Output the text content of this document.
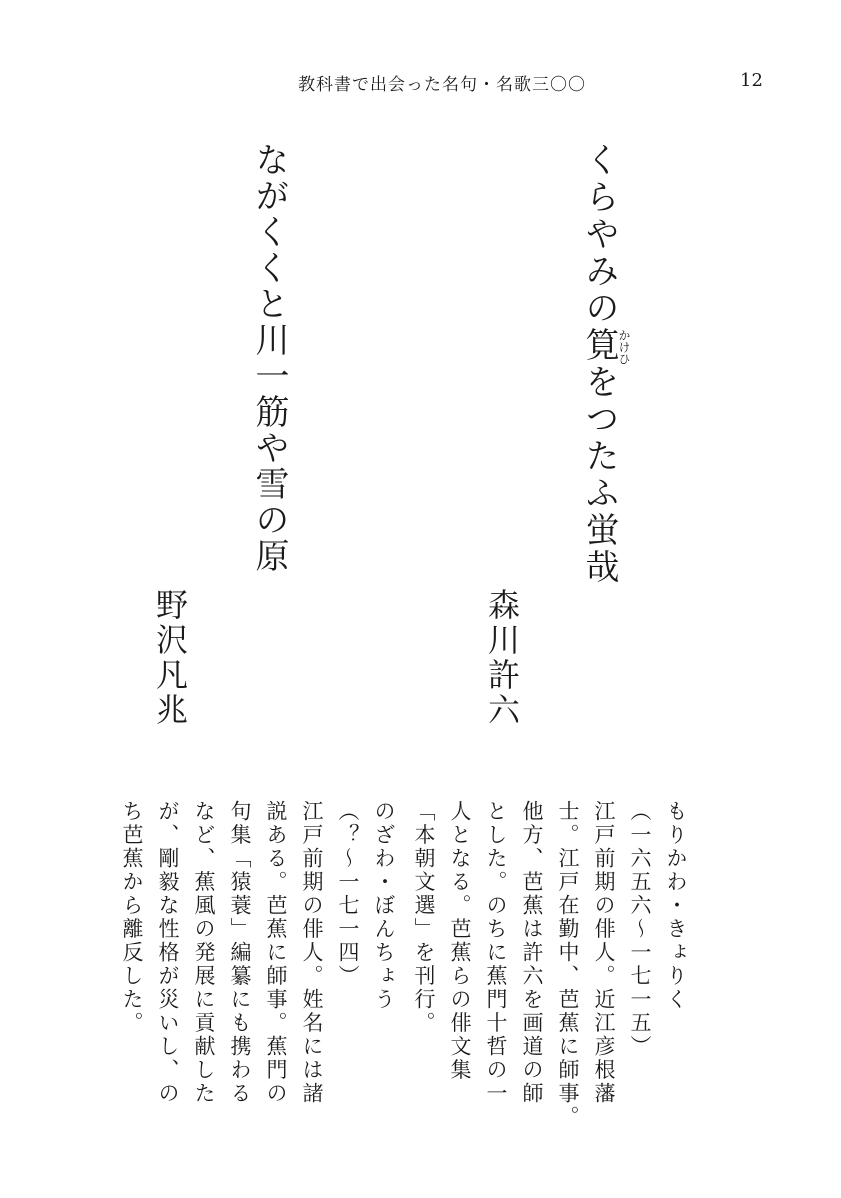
教科書で出会った名句・名歌三〇〇	12
くらやみの筧
かけひ
をつたふ蛍哉
ながくくと川一筋や雪の原
森川許六
野沢凡兆

もりかわ・きょりく

（一六五六〜一七一五）

江戸前期の俳人。近江彦根藩

士。江戸在勤中、芭蕉に師事。

他方、芭蕉は許六を画道の師

とした。のちに蕉門十哲の一

人となる。芭蕉らの俳文集

「本朝文選」を刊行。

のざわ・ぼんちょう

（？〜一七一四）

江戸前期の俳人。姓名には諸

説ある。芭蕉に師事。蕉門の

句集「猿蓑」編纂にも携わる

など、蕉風の発展に貢献した

が、剛毅な性格が災いし、の

ち芭蕉から離反した。
